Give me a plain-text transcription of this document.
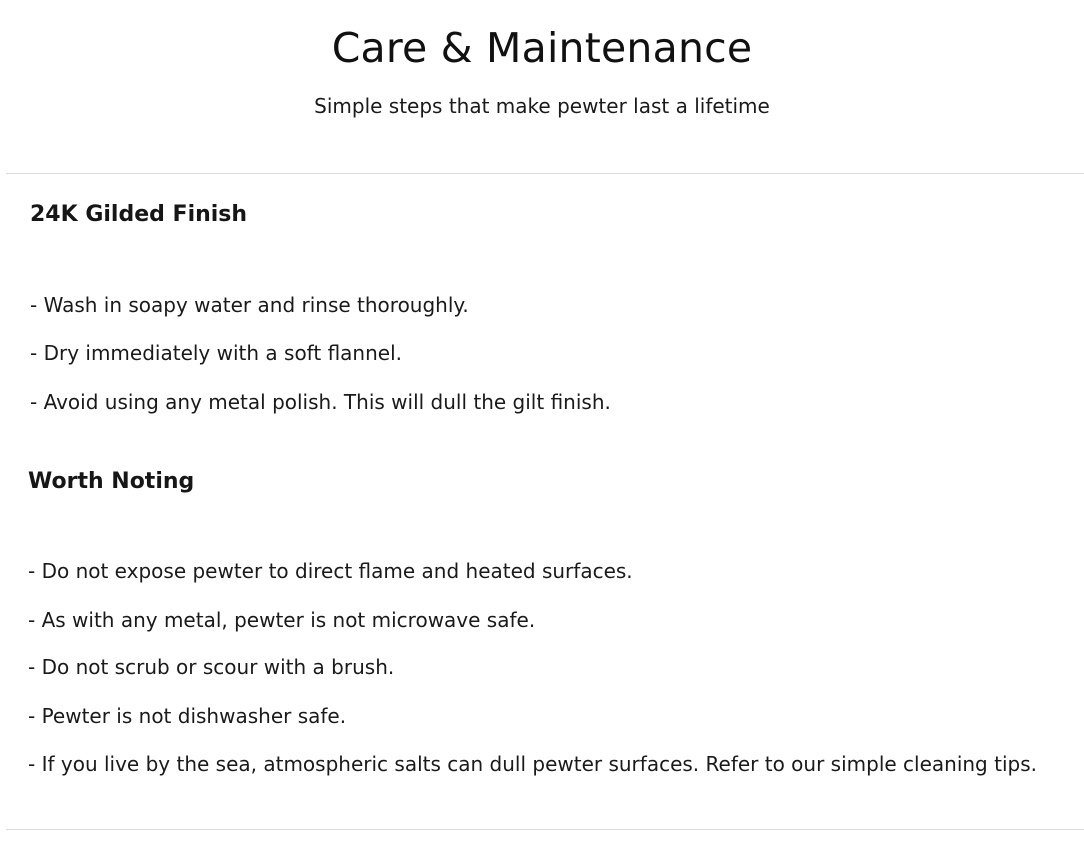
Care & Maintenance

Simple steps that make pewter last a lifetime

24K Gilded Finish

- Wash in soapy water and rinse thoroughly.

- Dry immediately with a soft flannel.

- Avoid using any metal polish. This will dull the gilt finish.

Worth Noting

- Do not expose pewter to direct flame and heated surfaces.

- As with any metal, pewter is not microwave safe.

- Do not scrub or scour with a brush.

- Pewter is not dishwasher safe.

- If you live by the sea, atmospheric salts can dull pewter surfaces. Refer to our simple cleaning tips.
